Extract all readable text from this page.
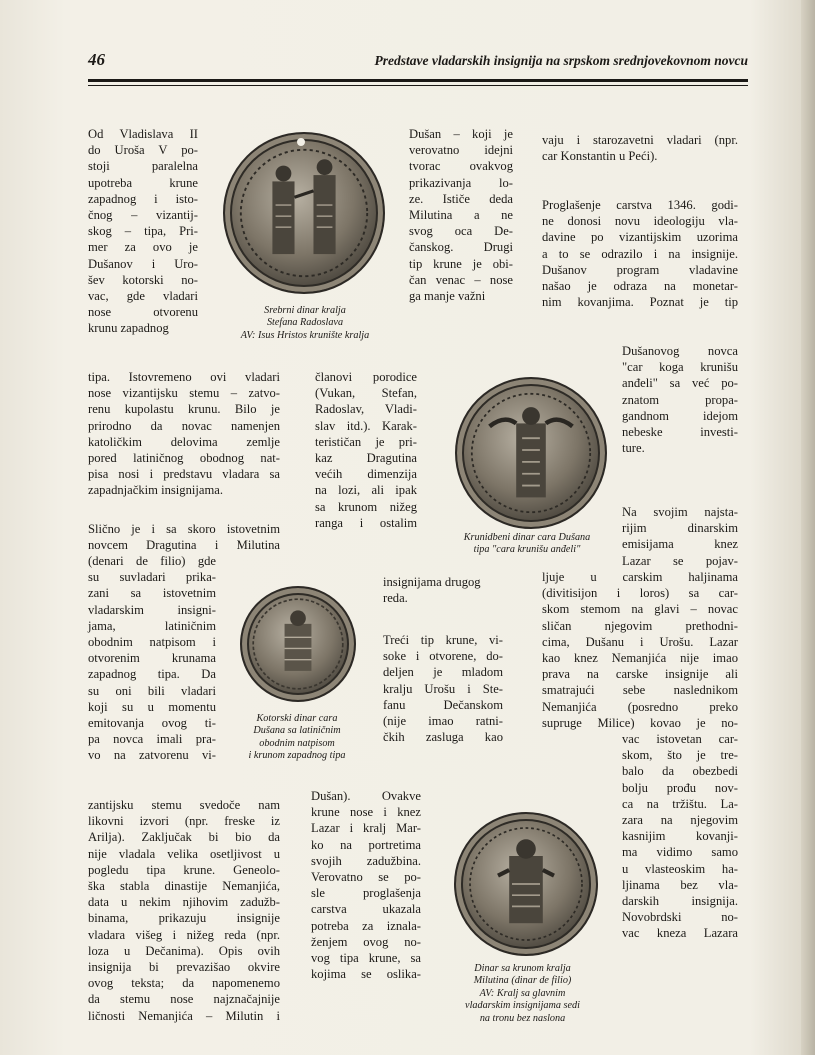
46	Predstave vladarskih insignija na srpskom srednjovekovnom novcu
Od Vladislava II
do Uroša V po-
stoji paralelna
upotreba krune
zapadnog i isto-
čnog – vizantij-
skog – tipa, Pri-
mer za ovo je
Dušanov i Uro-
šev kotorski no-
vac, gde vladari
nose otvorenu
krunu zapadnog
tipa. Istovremeno ovi vladari
nose vizantijsku stemu – zatvo-
renu kupolastu krunu. Bilo je
prirodno da novac namenjen
katoličkim delovima zemlje
pored latiničnog obodnog nat-
pisa nosi i predstavu vladara sa
zapadnjačkim insignijama.
Slično je i sa skoro istovetnim
novcem Dragutina i Milutina
(denari de filio) gde
su suvladari prika-
zani sa istovetnim
vladarskim insigni-
jama, latiničnim
obodnim natpisom i
otvorenim krunama
zapadnog tipa. Da
su oni bili vladari
koji su u momentu
emitovanja ovog ti-
pa novca imali pra-
vo na zatvorenu vi-
zantijsku stemu svedoče nam
likovni izvori (npr. freske iz
Arilja). Zaključak bi bio da
nije vladala velika osetljivost u
pogledu tipa krune. Geneolo-
ška stabla dinastije Nemanjića,
data u nekim njihovim zadužb-
binama, prikazuju insignije
vladara višeg i nižeg reda (npr.
loza u Dečanima). Opis ovih
insignija bi prevazišao okvire
ovog teksta; da napomenemo
da stemu nose najznačajnije
ličnosti Nemanjića – Milutin i
Srebrni dinar kralja
Stefana Radoslava
AV: Isus Hristos krunište kralja
Dušan – koji je
verovatno idejni
tvorac ovakvog
prikazivanja lo-
ze. Ističe deda
Milutina a ne
svog oca De-
čanskog. Drugi
tip krune je obi-
čan venac – nose
ga manje važni
članovi porodice
(Vukan, Stefan,
Radoslav, Vladi-
slav itd.). Karak-
terističan je pri-
kaz Dragutina
većih dimenzija
na lozi, ali ipak
sa krunom nižeg
ranga i ostalim
insignijama drugog
reda.
Treći tip krune, vi-
soke i otvorene, do-
deljen je mladom
kralju Urošu i Ste-
fanu Dečanskom
(nije imao ratni-
čkih zasluga kao
Dušan). Ovakve
krune nose i knez
Lazar i kralj Mar-
ko na portretima
svojih zadužbina.
Verovatno se po-
sle proglašenja
carstva ukazala
potreba za iznala-
ženjem ovog no-
vog tipa krune, sa
kojima se oslika-
Krunidbeni dinar cara Dušana
tipa "cara krunišu anđeli"
Kotorski dinar cara
Dušana sa latiničnim
obodnim natpisom
i krunom zapadnog tipa
Dinar sa krunom kralja
Milutina (dinar de filio)
AV: Kralj sa glavnim
vladarskim insignijama sedi
na tronu bez naslona
vaju i starozavetni vladari (npr.
car Konstantin u Peći).
Proglašenje carstva 1346. godi-
ne donosi novu ideologiju vla-
davine po vizantijskim uzorima
a to se odrazilo i na insignije.
Dušanov program vladavine
našao je odraza na monetar-
nim kovanjima. Poznat je tip
Dušanovog novca
"car koga krunišu
anđeli" sa već po-
znatom propa-
gandnom idejom
nebeske investi-
ture.
Na svojim najsta-
rijim dinarskim
emisijama knez
Lazar se pojav-
ljuje u carskim haljinama
(divitisijon i loros) sa car-
skom stemom na glavi – novac
sličan njegovim prethodni-
cima, Dušanu i Urošu. Lazar
kao knez Nemanjića nije imao
prava na carske insignije ali
smatrajući sebe naslednikom
Nemanjića (posredno preko
supruge Milice) kovao je no-
vac istovetan car-
skom, što je tre-
balo da obezbedi
bolju prođu nov-
ca na tržištu. La-
zara na njegovim
kasnijim kovanji-
ma vidimo samo
u vlastеoskim ha-
ljinama bez vla-
darskih insignija.
Novobrdski no-
vac kneza Lazara
